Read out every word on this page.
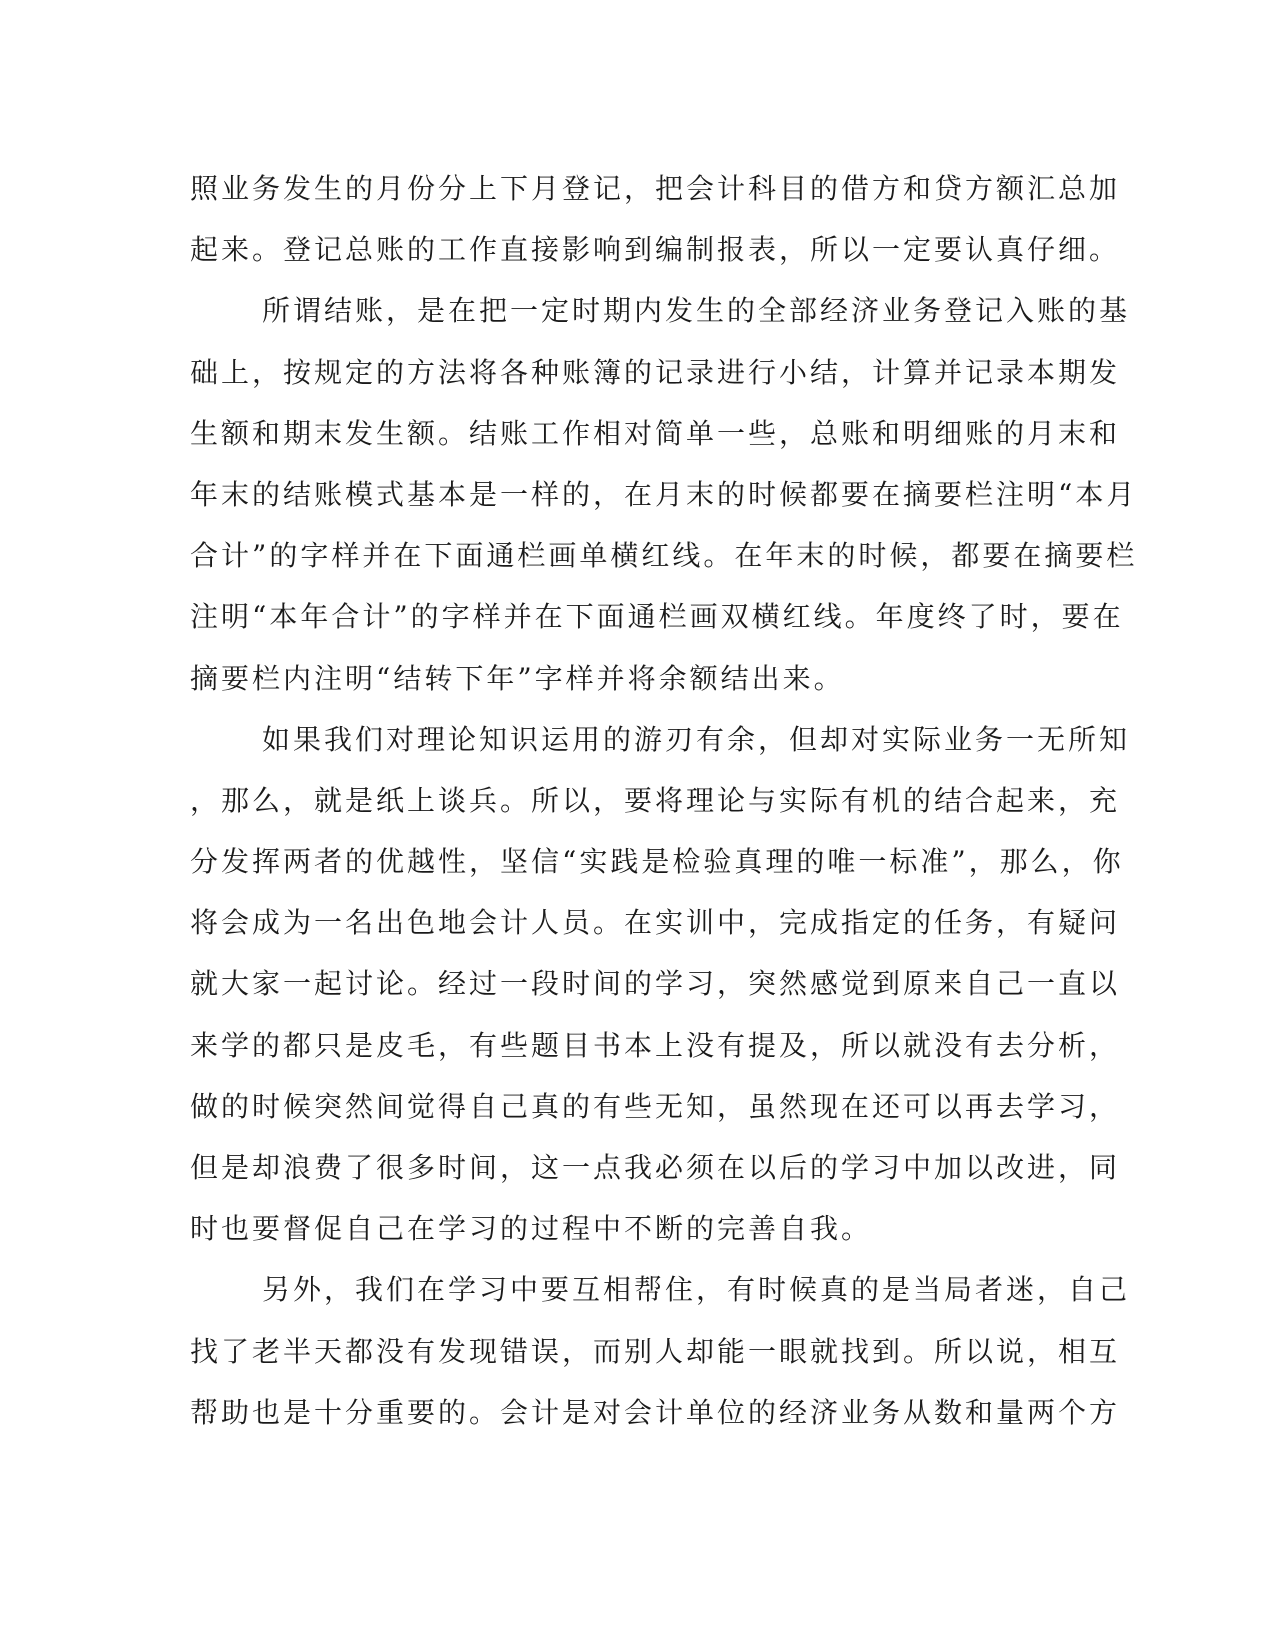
照业务发生的月份分上下月登记，把会计科目的借方和贷方额汇总加
起来。登记总账的工作直接影响到编制报表，所以一定要认真仔细。
所谓结账，是在把一定时期内发生的全部经济业务登记入账的基
础上，按规定的方法将各种账簿的记录进行小结，计算并记录本期发
生额和期末发生额。结账工作相对简单一些，总账和明细账的月末和
年末的结账模式基本是一样的，在月末的时候都要在摘要栏注明“本月
合计”的字样并在下面通栏画单横红线。在年末的时候，都要在摘要栏
注明“本年合计”的字样并在下面通栏画双横红线。年度终了时，要在
摘要栏内注明“结转下年”字样并将余额结出来。
如果我们对理论知识运用的游刃有余，但却对实际业务一无所知
，那么，就是纸上谈兵。所以，要将理论与实际有机的结合起来，充
分发挥两者的优越性，坚信“实践是检验真理的唯一标准”，那么，你
将会成为一名出色地会计人员。在实训中，完成指定的任务，有疑问
就大家一起讨论。经过一段时间的学习，突然感觉到原来自己一直以
来学的都只是皮毛，有些题目书本上没有提及，所以就没有去分析，
做的时候突然间觉得自己真的有些无知，虽然现在还可以再去学习，
但是却浪费了很多时间，这一点我必须在以后的学习中加以改进，同
时也要督促自己在学习的过程中不断的完善自我。
另外，我们在学习中要互相帮住，有时候真的是当局者迷，自己
找了老半天都没有发现错误，而别人却能一眼就找到。所以说，相互
帮助也是十分重要的。会计是对会计单位的经济业务从数和量两个方
